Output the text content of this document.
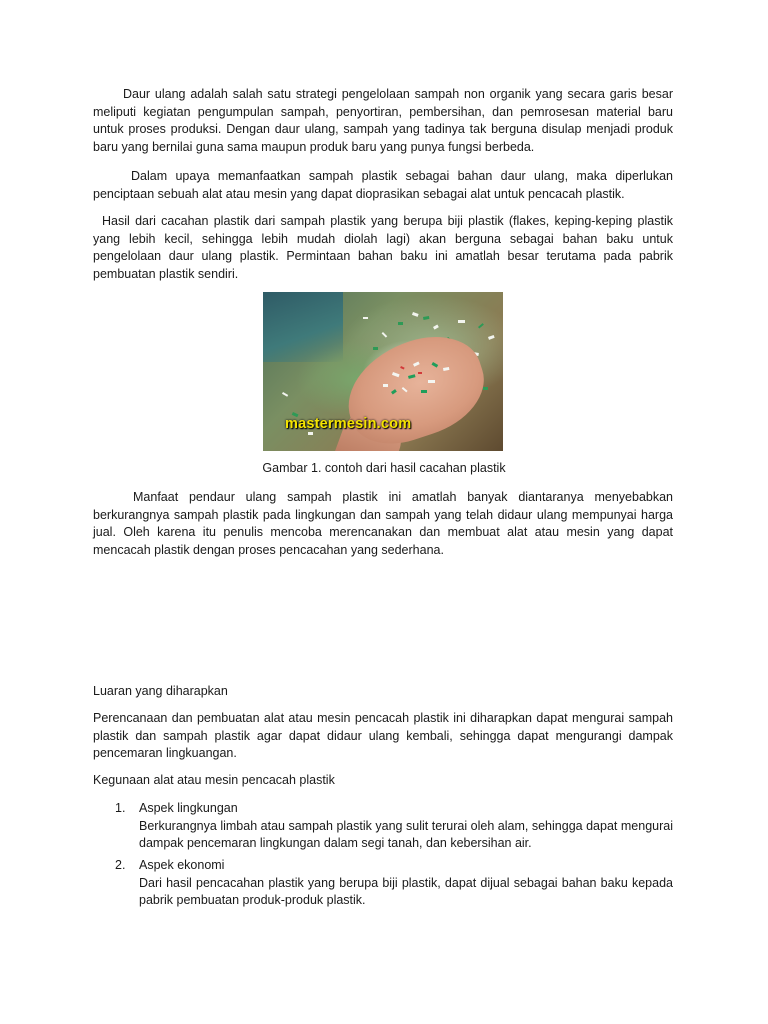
Daur ulang adalah salah satu strategi pengelolaan sampah non organik yang secara garis besar meliputi kegiatan pengumpulan sampah, penyortiran, pembersihan, dan pemrosesan material baru untuk proses produksi. Dengan daur ulang, sampah yang tadinya tak berguna disulap menjadi produk baru yang bernilai guna sama maupun produk baru yang punya fungsi berbeda.

Dalam upaya memanfaatkan sampah plastik sebagai bahan daur ulang, maka diperlukan penciptaan sebuah alat atau mesin yang dapat dioprasikan sebagai alat untuk pencacah plastik.

Hasil dari cacahan plastik dari sampah plastik yang berupa biji plastik (flakes, keping-keping plastik yang lebih kecil, sehingga lebih mudah diolah lagi) akan berguna sebagai bahan baku untuk pengelolaan daur ulang plastik. Permintaan bahan baku ini amatlah besar terutama pada pabrik pembuatan plastik sendiri.

mastermesin.com

Gambar 1. contoh dari hasil cacahan plastik

Manfaat pendaur ulang sampah plastik ini amatlah banyak diantaranya menyebabkan berkurangnya sampah plastik pada lingkungan dan sampah yang telah didaur ulang mempunyai harga jual. Oleh karena itu penulis mencoba merencanakan dan membuat alat atau mesin yang dapat mencacah plastik dengan proses pencacahan yang sederhana.

Luaran yang diharapkan

Perencanaan dan pembuatan alat atau mesin pencacah plastik ini diharapkan dapat mengurai sampah plastik dan sampah plastik agar dapat didaur ulang kembali, sehingga dapat mengurangi dampak pencemaran lingkuangan.

Kegunaan alat atau mesin pencacah plastik

1.	Aspek lingkungan
Berkurangnya limbah atau sampah plastik yang sulit terurai oleh alam, sehingga dapat mengurai dampak pencemaran lingkungan dalam segi tanah, dan kebersihan air.
2.	Aspek ekonomi
Dari hasil pencacahan plastik yang berupa biji plastik, dapat dijual sebagai bahan baku kepada pabrik pembuatan produk-produk plastik.
